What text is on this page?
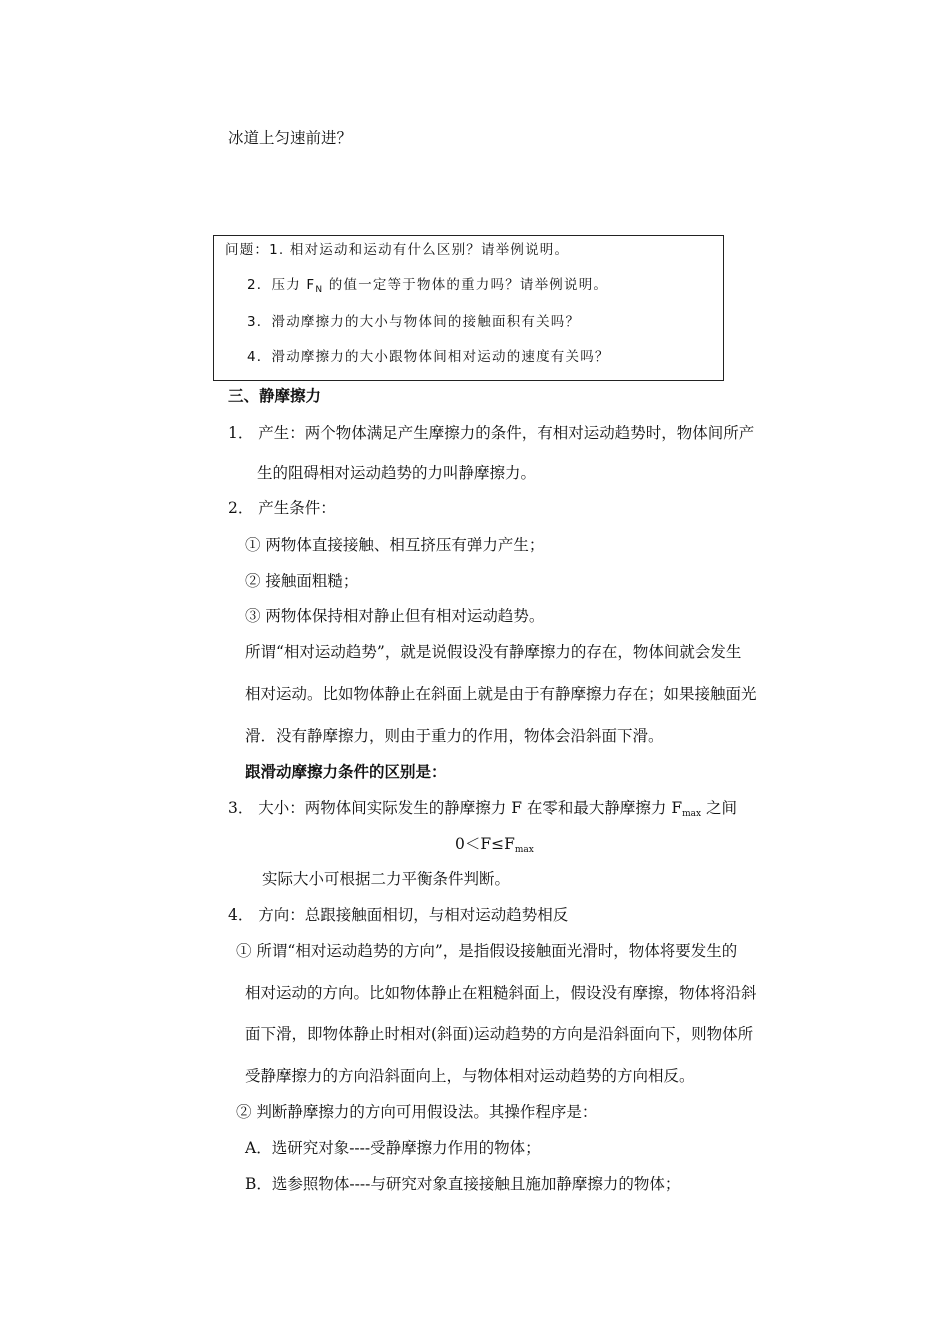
冰道上匀速前进？
问题：1. 相对运动和运动有什么区别？请举例说明。
2．压力 $F_N$ 的值一定等于物体的重力吗？请举例说明。
3．滑动摩擦力的大小与物体间的接触面积有关吗？
4．滑动摩擦力的大小跟物体间相对运动的速度有关吗？
三、静摩擦力
1． 产生：两个物体满足产生摩擦力的条件，有相对运动趋势时，物体间所产
生的阻碍相对运动趋势的力叫静摩擦力。
2． 产生条件：
① 两物体直接接触、相互挤压有弹力产生；
② 接触面粗糙；
③ 两物体保持相对静止但有相对运动趋势。
所谓“相对运动趋势”，就是说假设没有静摩擦力的存在，物体间就会发生
相对运动。比如物体静止在斜面上就是由于有静摩擦力存在；如果接触面光
滑．没有静摩擦力，则由于重力的作用，物体会沿斜面下滑。
跟滑动摩擦力条件的区别是：
3． 大小：两物体间实际发生的静摩擦力 F 在零和最大静摩擦力 $F_{max}$ 之间
$0<F\le F_{max}$
实际大小可根据二力平衡条件判断。
4． 方向：总跟接触面相切，与相对运动趋势相反
① 所谓“相对运动趋势的方向”，是指假设接触面光滑时，物体将要发生的
相对运动的方向。比如物体静止在粗糙斜面上，假设没有摩擦，物体将沿斜
面下滑，即物体静止时相对(斜面)运动趋势的方向是沿斜面向下，则物体所
受静摩擦力的方向沿斜面向上，与物体相对运动趋势的方向相反。
② 判断静摩擦力的方向可用假设法。其操作程序是：
A．选研究对象----受静摩擦力作用的物体；
B．选参照物体----与研究对象直接接触且施加静摩擦力的物体；
